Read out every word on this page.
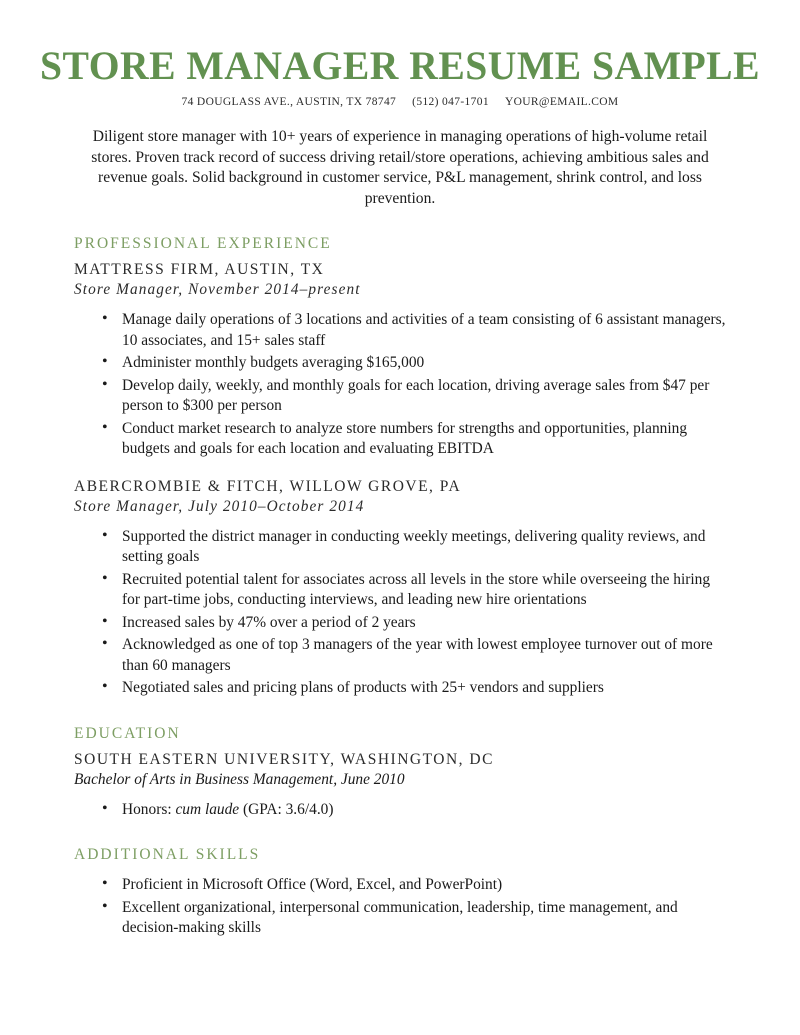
STORE MANAGER RESUME SAMPLE
74 DOUGLASS AVE., AUSTIN, TX 78747 (512) 047-1701 YOUR@EMAIL.COM
Diligent store manager with 10+ years of experience in managing operations of high-volume retail stores. Proven track record of success driving retail/store operations, achieving ambitious sales and revenue goals. Solid background in customer service, P&L management, shrink control, and loss prevention.
PROFESSIONAL EXPERIENCE
MATTRESS FIRM, AUSTIN, TX
Store Manager, November 2014–present
• Manage daily operations of 3 locations and activities of a team consisting of 6 assistant managers, 10 associates, and 15+ sales staff
• Administer monthly budgets averaging $165,000
• Develop daily, weekly, and monthly goals for each location, driving average sales from $47 per person to $300 per person
• Conduct market research to analyze store numbers for strengths and opportunities, planning budgets and goals for each location and evaluating EBITDA
ABERCROMBIE & FITCH, WILLOW GROVE, PA
Store Manager, July 2010–October 2014
• Supported the district manager in conducting weekly meetings, delivering quality reviews, and setting goals
• Recruited potential talent for associates across all levels in the store while overseeing the hiring for part-time jobs, conducting interviews, and leading new hire orientations
• Increased sales by 47% over a period of 2 years
• Acknowledged as one of top 3 managers of the year with lowest employee turnover out of more than 60 managers
• Negotiated sales and pricing plans of products with 25+ vendors and suppliers
EDUCATION
SOUTH EASTERN UNIVERSITY, WASHINGTON, DC
Bachelor of Arts in Business Management, June 2010
• Honors: cum laude (GPA: 3.6/4.0)
ADDITIONAL SKILLS
• Proficient in Microsoft Office (Word, Excel, and PowerPoint)
• Excellent organizational, interpersonal communication, leadership, time management, and decision-making skills
